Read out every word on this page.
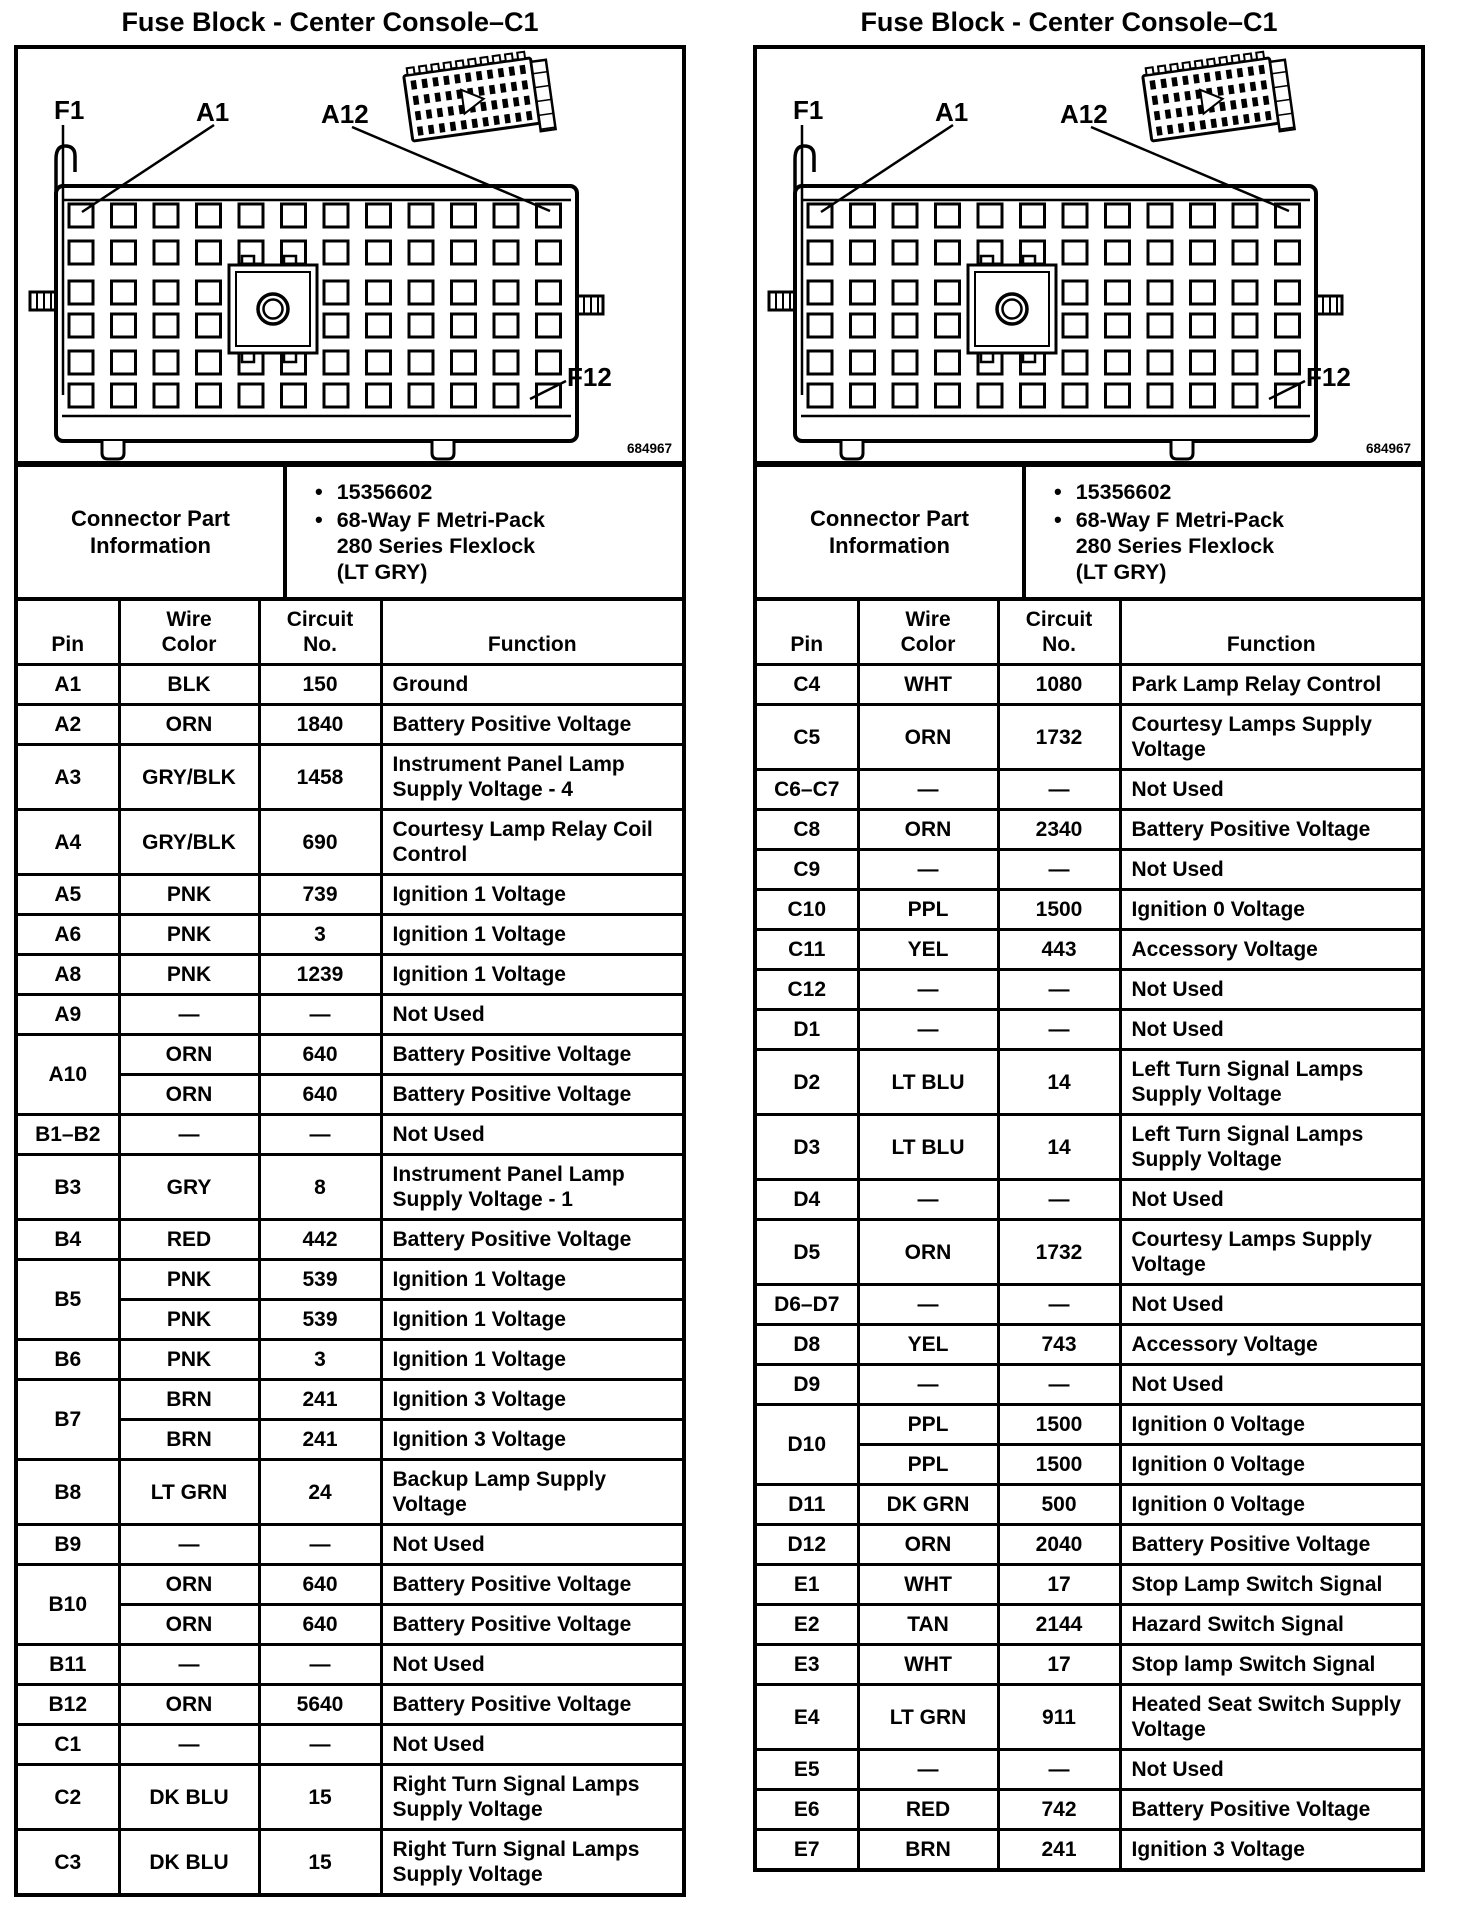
Fuse Block - Center Console–C1
F1	A1	A12
F12
684967
Connector Part Information	
• 15356602
• 68-Way F Metri-Pack 280 Series Flexlock (LT GRY)
Pin	Wire Color	Circuit No.	Function
A1	BLK	150	Ground
A2	ORN	1840	Battery Positive Voltage
A3	GRY/BLK	1458	Instrument Panel Lamp Supply Voltage - 4
A4	GRY/BLK	690	Courtesy Lamp Relay Coil Control
A5	PNK	739	Ignition 1 Voltage
A6	PNK	3	Ignition 1 Voltage
A8	PNK	1239	Ignition 1 Voltage
A9	—	—	Not Used
A10	ORN	640	Battery Positive Voltage
	ORN	640	Battery Positive Voltage
B1–B2	—	—	Not Used
B3	GRY	8	Instrument Panel Lamp Supply Voltage - 1
B4	RED	442	Battery Positive Voltage
B5	PNK	539	Ignition 1 Voltage
	PNK	539	Ignition 1 Voltage
B6	PNK	3	Ignition 1 Voltage
B7	BRN	241	Ignition 3 Voltage
	BRN	241	Ignition 3 Voltage
B8	LT GRN	24	Backup Lamp Supply Voltage
B9	—	—	Not Used
B10	ORN	640	Battery Positive Voltage
	ORN	640	Battery Positive Voltage
B11	—	—	Not Used
B12	ORN	5640	Battery Positive Voltage
C1	—	—	Not Used
C2	DK BLU	15	Right Turn Signal Lamps Supply Voltage
C3	DK BLU	15	Right Turn Signal Lamps Supply Voltage
Fuse Block - Center Console–C1
F1	A1	A12
F12
684967
Connector Part Information	
• 15356602
• 68-Way F Metri-Pack 280 Series Flexlock (LT GRY)
Pin	Wire Color	Circuit No.	Function
C4	WHT	1080	Park Lamp Relay Control
C5	ORN	1732	Courtesy Lamps Supply Voltage
C6–C7	—	—	Not Used
C8	ORN	2340	Battery Positive Voltage
C9	—	—	Not Used
C10	PPL	1500	Ignition 0 Voltage
C11	YEL	443	Accessory Voltage
C12	—	—	Not Used
D1	—	—	Not Used
D2	LT BLU	14	Left Turn Signal Lamps Supply Voltage
D3	LT BLU	14	Left Turn Signal Lamps Supply Voltage
D4	—	—	Not Used
D5	ORN	1732	Courtesy Lamps Supply Voltage
D6–D7	—	—	Not Used
D8	YEL	743	Accessory Voltage
D9	—	—	Not Used
D10	PPL	1500	Ignition 0 Voltage
	PPL	1500	Ignition 0 Voltage
D11	DK GRN	500	Ignition 0 Voltage
D12	ORN	2040	Battery Positive Voltage
E1	WHT	17	Stop Lamp Switch Signal
E2	TAN	2144	Hazard Switch Signal
E3	WHT	17	Stop lamp Switch Signal
E4	LT GRN	911	Heated Seat Switch Supply Voltage
E5	—	—	Not Used
E6	RED	742	Battery Positive Voltage
E7	BRN	241	Ignition 3 Voltage
